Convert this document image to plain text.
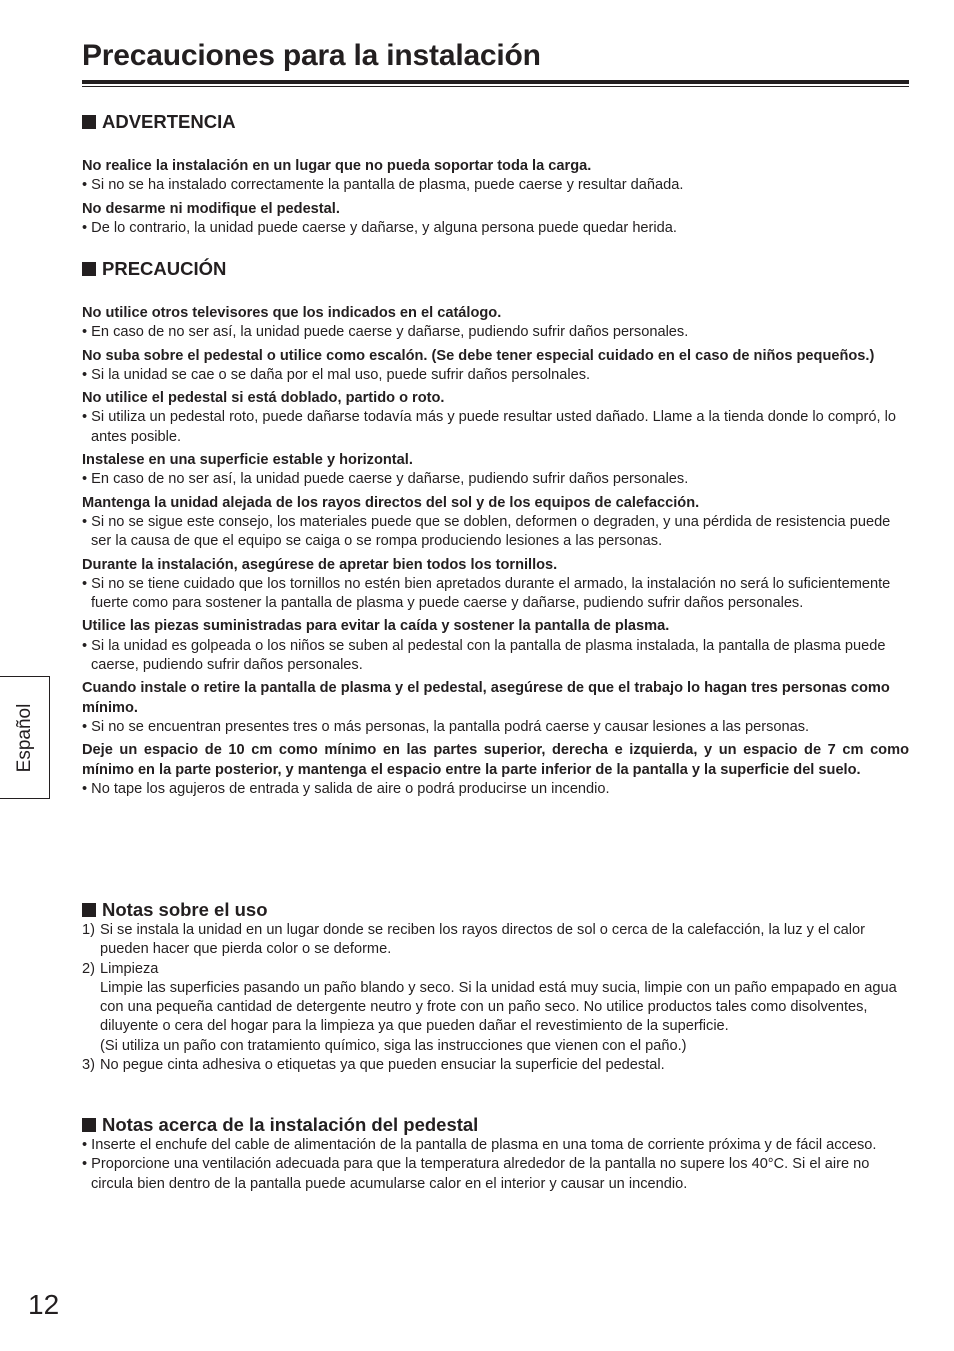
Precauciones para la instalación
ADVERTENCIA
No realice la instalación en un lugar que no pueda soportar toda la carga.
• Si no se ha instalado correctamente la pantalla de plasma, puede caerse y resultar dañada.
No desarme ni modifique el pedestal.
• De lo contrario, la unidad puede caerse y dañarse, y alguna persona puede quedar herida.
PRECAUCIÓN
No utilice otros televisores que los indicados en el catálogo.
• En caso de no ser así, la unidad puede caerse y dañarse, pudiendo sufrir daños personales.
No suba sobre el pedestal o utilice como escalón. (Se debe tener especial cuidado en el caso de niños pequeños.)
• Si la unidad se cae o se daña por el mal uso, puede sufrir daños persolnales.
No utilice el pedestal si está doblado, partido o roto.
• Si utiliza un pedestal roto, puede dañarse todavía más y puede resultar usted dañado. Llame a la tienda donde lo compró, lo antes posible.
Instalese en una superficie estable y horizontal.
• En caso de no ser así, la unidad puede caerse y dañarse, pudiendo sufrir daños personales.
Mantenga la unidad alejada de los rayos directos del sol y de los equipos de calefacción.
• Si no se sigue este consejo, los materiales puede que se doblen, deformen o degraden, y una pérdida de resistencia puede ser la causa de que el equipo se caiga o se rompa produciendo lesiones a las personas.
Durante la instalación, asegúrese de apretar bien todos los tornillos.
• Si no se tiene cuidado que los tornillos no estén bien apretados durante el armado, la instalación no será lo suficientemente fuerte como para sostener la pantalla de plasma y puede caerse y dañarse, pudiendo sufrir daños personales.
Utilice las piezas suministradas para evitar la caída y sostener la pantalla de plasma.
• Si la unidad es golpeada o los niños se suben al pedestal con la pantalla de plasma instalada, la pantalla de plasma puede caerse, pudiendo sufrir daños personales.
Cuando instale o retire la pantalla de plasma y el pedestal, asegúrese de que el trabajo lo hagan tres personas como mínimo.
• Si no se encuentran presentes tres o más personas, la pantalla podrá caerse y causar lesiones a las personas.
Deje un espacio de 10 cm como mínimo en las partes superior, derecha e izquierda, y un espacio de 7 cm como mínimo en la parte posterior, y mantenga el espacio entre la parte inferior de la pantalla y la superficie del suelo.
• No tape los agujeros de entrada y salida de aire o podrá producirse un incendio.
Notas sobre el uso
1) Si se instala la unidad en un lugar donde se reciben los rayos directos de sol o cerca de la calefacción, la luz y el calor pueden hacer que pierda color o se deforme.
2) Limpieza
Limpie las superficies pasando un paño blando y seco. Si la unidad está muy sucia, limpie con un paño empapado en agua con una pequeña cantidad de detergente neutro y frote con un paño seco. No utilice productos tales como disolventes, diluyente o cera del hogar para la limpieza ya que pueden dañar el revestimiento de la superficie.
(Si utiliza un paño con tratamiento químico, siga las instrucciones que vienen con el paño.)
3) No pegue cinta adhesiva o etiquetas ya que pueden ensuciar la superficie del pedestal.
Notas acerca de la instalación del pedestal
• Inserte el enchufe del cable de alimentación de la pantalla de plasma en una toma de corriente próxima y de fácil acceso.
• Proporcione una ventilación adecuada para que la temperatura alrededor de la pantalla no supere los 40°C. Si el aire no circula bien dentro de la pantalla puede acumularse calor en el interior y causar un incendio.
Español
12
